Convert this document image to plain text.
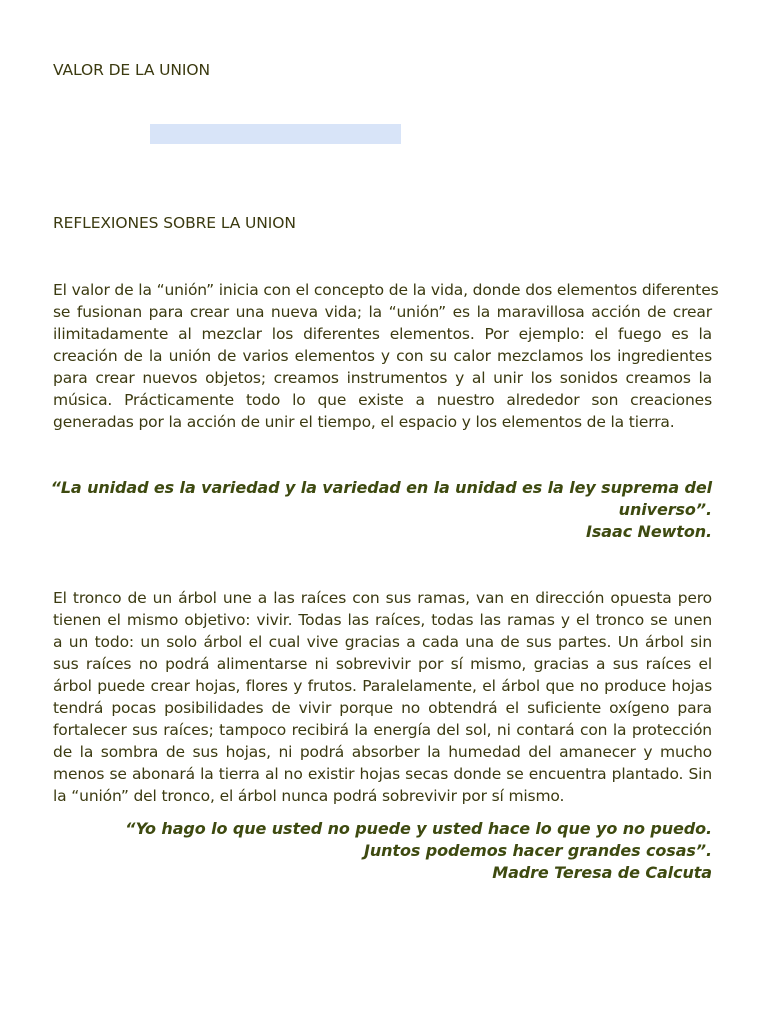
VALOR DE LA UNION
REFLEXIONES SOBRE LA UNION
El valor de la “unión” inicia con el concepto de la vida, donde dos elementos diferentes
se fusionan para crear una nueva vida; la “unión” es la maravillosa acción de crear
ilimitadamente al mezclar los diferentes elementos. Por ejemplo: el fuego es la
creación de la unión de varios elementos y con su calor mezclamos los ingredientes
para crear nuevos objetos; creamos instrumentos y al unir los sonidos creamos la
música. Prácticamente todo lo que existe a nuestro alrededor son creaciones
generadas por la acción de unir el tiempo, el espacio y los elementos de la tierra.
“La unidad es la variedad y la variedad en la unidad es la ley suprema del
universo”.
Isaac Newton.
El tronco de un árbol une a las raíces con sus ramas, van en dirección opuesta pero
tienen el mismo objetivo: vivir. Todas las raíces, todas las ramas y el tronco se unen
a un todo: un solo árbol el cual vive gracias a cada una de sus partes. Un árbol sin
sus raíces no podrá alimentarse ni sobrevivir por sí mismo, gracias a sus raíces el
árbol puede crear hojas, flores y frutos. Paralelamente, el árbol que no produce hojas
tendrá pocas posibilidades de vivir porque no obtendrá el suficiente oxígeno para
fortalecer sus raíces; tampoco recibirá la energía del sol, ni contará con la protección
de la sombra de sus hojas, ni podrá absorber la humedad del amanecer y mucho
menos se abonará la tierra al no existir hojas secas donde se encuentra plantado. Sin
la “unión” del tronco, el árbol nunca podrá sobrevivir por sí mismo.
“Yo hago lo que usted no puede y usted hace lo que yo no puedo.
Juntos podemos hacer grandes cosas”.
Madre Teresa de Calcuta
